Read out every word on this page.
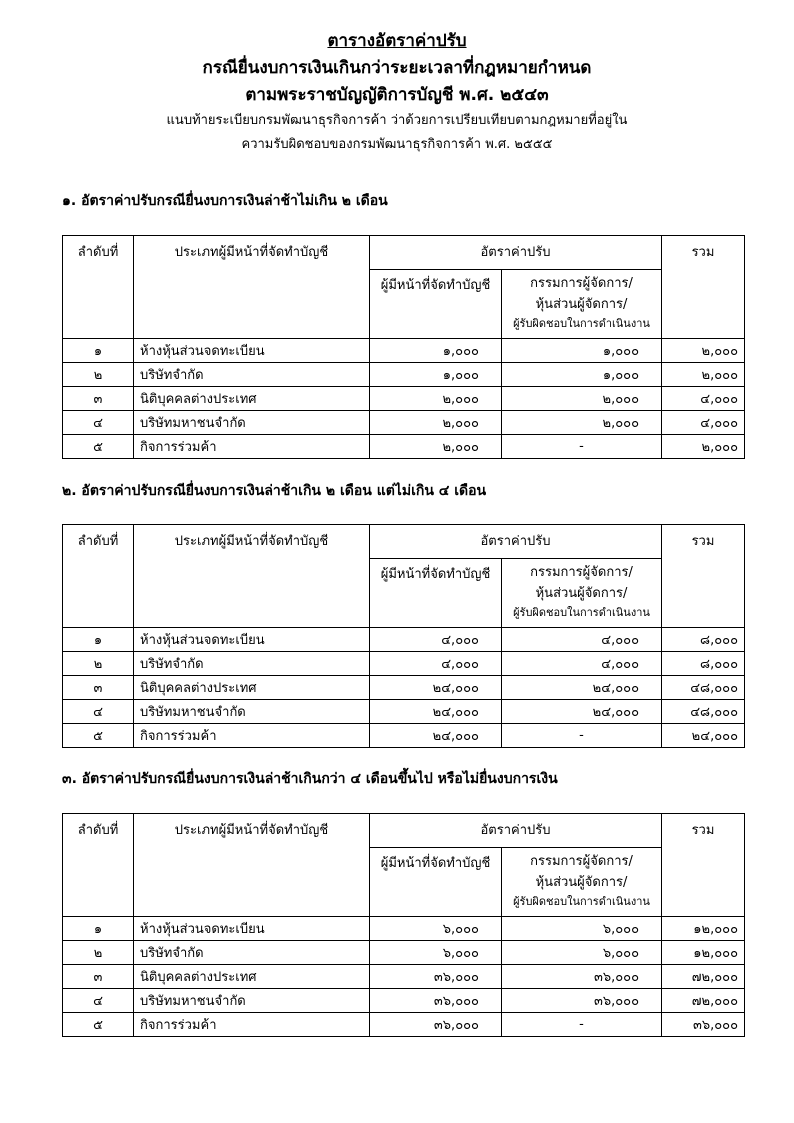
ตารางอัตราค่าปรับ
กรณียื่นงบการเงินเกินกว่าระยะเวลาที่กฎหมายกำหนด
ตามพระราชบัญญัติการบัญชี พ.ศ. ๒๕๔๓
แนบท้ายระเบียบกรมพัฒนาธุรกิจการค้า ว่าด้วยการเปรียบเทียบตามกฎหมายที่อยู่ใน
ความรับผิดชอบของกรมพัฒนาธุรกิจการค้า พ.ศ. ๒๕๕๕
๑. อัตราค่าปรับกรณียื่นงบการเงินล่าช้าไม่เกิน ๒ เดือน
ลำดับที่	ประเภทผู้มีหน้าที่จัดทำบัญชี	อัตราค่าปรับ		รวม
		ผู้มีหน้าที่จัดทำบัญชี	กรรมการผู้จัดการ/
หุ้นส่วนผู้จัดการ/
ผู้รับผิดชอบในการดำเนินงาน	

๑	ห้างหุ้นส่วนจดทะเบียน	๑,๐๐๐	๑,๐๐๐	๒,๐๐๐
๒	บริษัทจำกัด	๑,๐๐๐	๑,๐๐๐	๒,๐๐๐
๓	นิติบุคคลต่างประเทศ	๒,๐๐๐	๒,๐๐๐	๔,๐๐๐
๔	บริษัทมหาชนจำกัด	๒,๐๐๐	๒,๐๐๐	๔,๐๐๐
๕	กิจการร่วมค้า	๒,๐๐๐	-	๒,๐๐๐
๒. อัตราค่าปรับกรณียื่นงบการเงินล่าช้าเกิน ๒ เดือน แต่ไม่เกิน ๔ เดือน
ลำดับที่	ประเภทผู้มีหน้าที่จัดทำบัญชี	อัตราค่าปรับ		รวม
		ผู้มีหน้าที่จัดทำบัญชี	กรรมการผู้จัดการ/
หุ้นส่วนผู้จัดการ/
ผู้รับผิดชอบในการดำเนินงาน	

๑	ห้างหุ้นส่วนจดทะเบียน	๔,๐๐๐	๔,๐๐๐	๘,๐๐๐
๒	บริษัทจำกัด	๔,๐๐๐	๔,๐๐๐	๘,๐๐๐
๓	นิติบุคคลต่างประเทศ	๒๔,๐๐๐	๒๔,๐๐๐	๔๘,๐๐๐
๔	บริษัทมหาชนจำกัด	๒๔,๐๐๐	๒๔,๐๐๐	๔๘,๐๐๐
๕	กิจการร่วมค้า	๒๔,๐๐๐	-	๒๔,๐๐๐
๓. อัตราค่าปรับกรณียื่นงบการเงินล่าช้าเกินกว่า ๔ เดือนขึ้นไป หรือไม่ยื่นงบการเงิน
ลำดับที่	ประเภทผู้มีหน้าที่จัดทำบัญชี	อัตราค่าปรับ		รวม
		ผู้มีหน้าที่จัดทำบัญชี	กรรมการผู้จัดการ/
หุ้นส่วนผู้จัดการ/
ผู้รับผิดชอบในการดำเนินงาน	

๑	ห้างหุ้นส่วนจดทะเบียน	๖,๐๐๐	๖,๐๐๐	๑๒,๐๐๐
๒	บริษัทจำกัด	๖,๐๐๐	๖,๐๐๐	๑๒,๐๐๐
๓	นิติบุคคลต่างประเทศ	๓๖,๐๐๐	๓๖,๐๐๐	๗๒,๐๐๐
๔	บริษัทมหาชนจำกัด	๓๖,๐๐๐	๓๖,๐๐๐	๗๒,๐๐๐
๕	กิจการร่วมค้า	๓๖,๐๐๐	-	๓๖,๐๐๐
